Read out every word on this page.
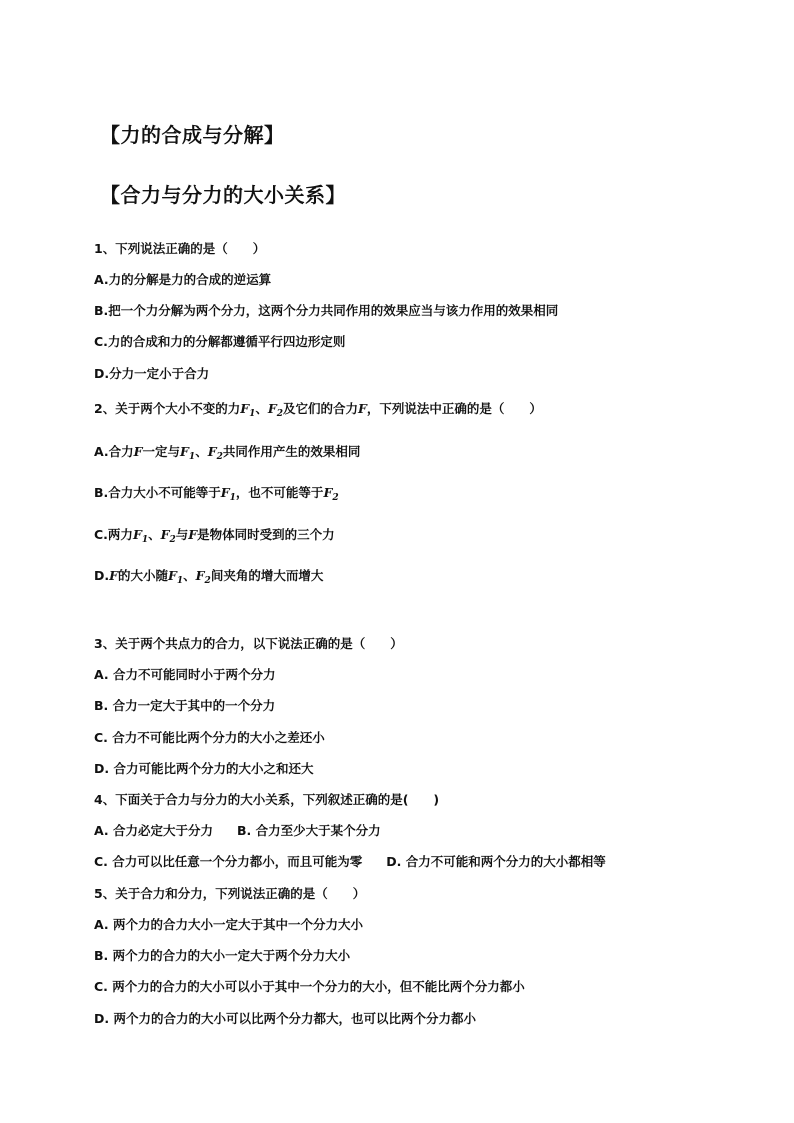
【力的合成与分解】
【合力与分力的大小关系】
1、下列说法正确的是（　　）
A.力的分解是力的合成的逆运算
B.把一个力分解为两个分力，这两个分力共同作用的效果应当与该力作用的效果相同
C.力的合成和力的分解都遵循平行四边形定则
D.分力一定小于合力
2、关于两个大小不变的力$F_1$、$F_2$及它们的合力F，下列说法中正确的是（　　）
A.合力F一定与$F_1$、$F_2$共同作用产生的效果相同
B.合力大小不可能等于$F_1$，也不可能等于$F_2$
C.两力$F_1$、$F_2$与F是物体同时受到的三个力
D.F的大小随$F_1$、$F_2$间夹角的增大而增大
3、关于两个共点力的合力，以下说法正确的是（　　）
A. 合力不可能同时小于两个分力
B. 合力一定大于其中的一个分力
C. 合力不可能比两个分力的大小之差还小
D. 合力可能比两个分力的大小之和还大
4、下面关于合力与分力的大小关系，下列叙述正确的是(　　)
A. 合力必定大于分力 B. 合力至少大于某个分力
C. 合力可以比任意一个分力都小，而且可能为零 D. 合力不可能和两个分力的大小都相等
5、关于合力和分力，下列说法正确的是（　　）
A. 两个力的合力大小一定大于其中一个分力大小
B. 两个力的合力的大小一定大于两个分力大小
C. 两个力的合力的大小可以小于其中一个分力的大小，但不能比两个分力都小
D. 两个力的合力的大小可以比两个分力都大，也可以比两个分力都小
